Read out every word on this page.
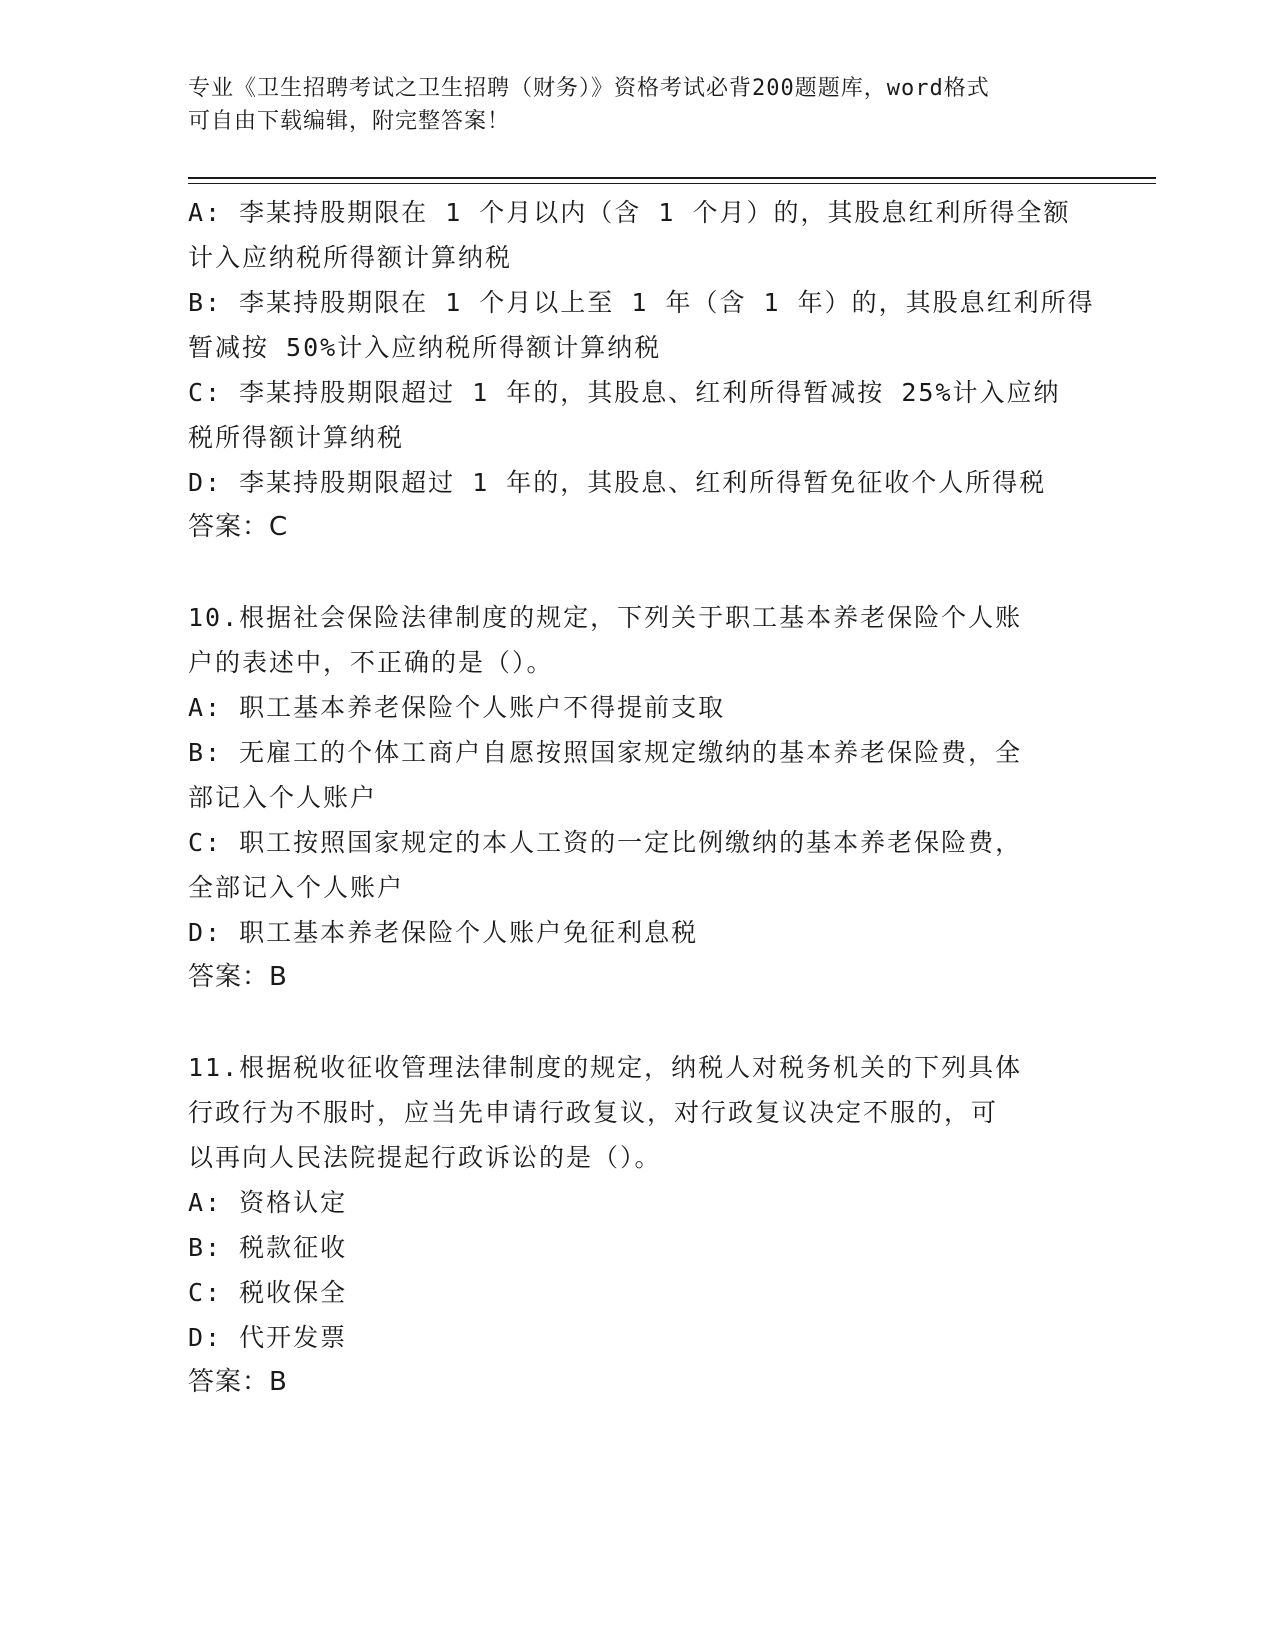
专业《卫生招聘考试之卫生招聘（财务）》资格考试必背200题题库，word格式
可自由下载编辑，附完整答案！
A: 李某持股期限在 1 个月以内（含 1 个月）的，其股息红利所得全额
计入应纳税所得额计算纳税
B: 李某持股期限在 1 个月以上至 1 年（含 1 年）的，其股息红利所得
暂减按 50%计入应纳税所得额计算纳税
C: 李某持股期限超过 1 年的，其股息、红利所得暂减按 25%计入应纳
税所得额计算纳税
D: 李某持股期限超过 1 年的，其股息、红利所得暂免征收个人所得税
答案：C
10.根据社会保险法律制度的规定，下列关于职工基本养老保险个人账
户的表述中，不正确的是（）。
A: 职工基本养老保险个人账户不得提前支取
B: 无雇工的个体工商户自愿按照国家规定缴纳的基本养老保险费，全
部记入个人账户
C: 职工按照国家规定的本人工资的一定比例缴纳的基本养老保险费，
全部记入个人账户
D: 职工基本养老保险个人账户免征利息税
答案：B
11.根据税收征收管理法律制度的规定，纳税人对税务机关的下列具体
行政行为不服时，应当先申请行政复议，对行政复议决定不服的，可
以再向人民法院提起行政诉讼的是（）。
A: 资格认定
B: 税款征收
C: 税收保全
D: 代开发票
答案：B
